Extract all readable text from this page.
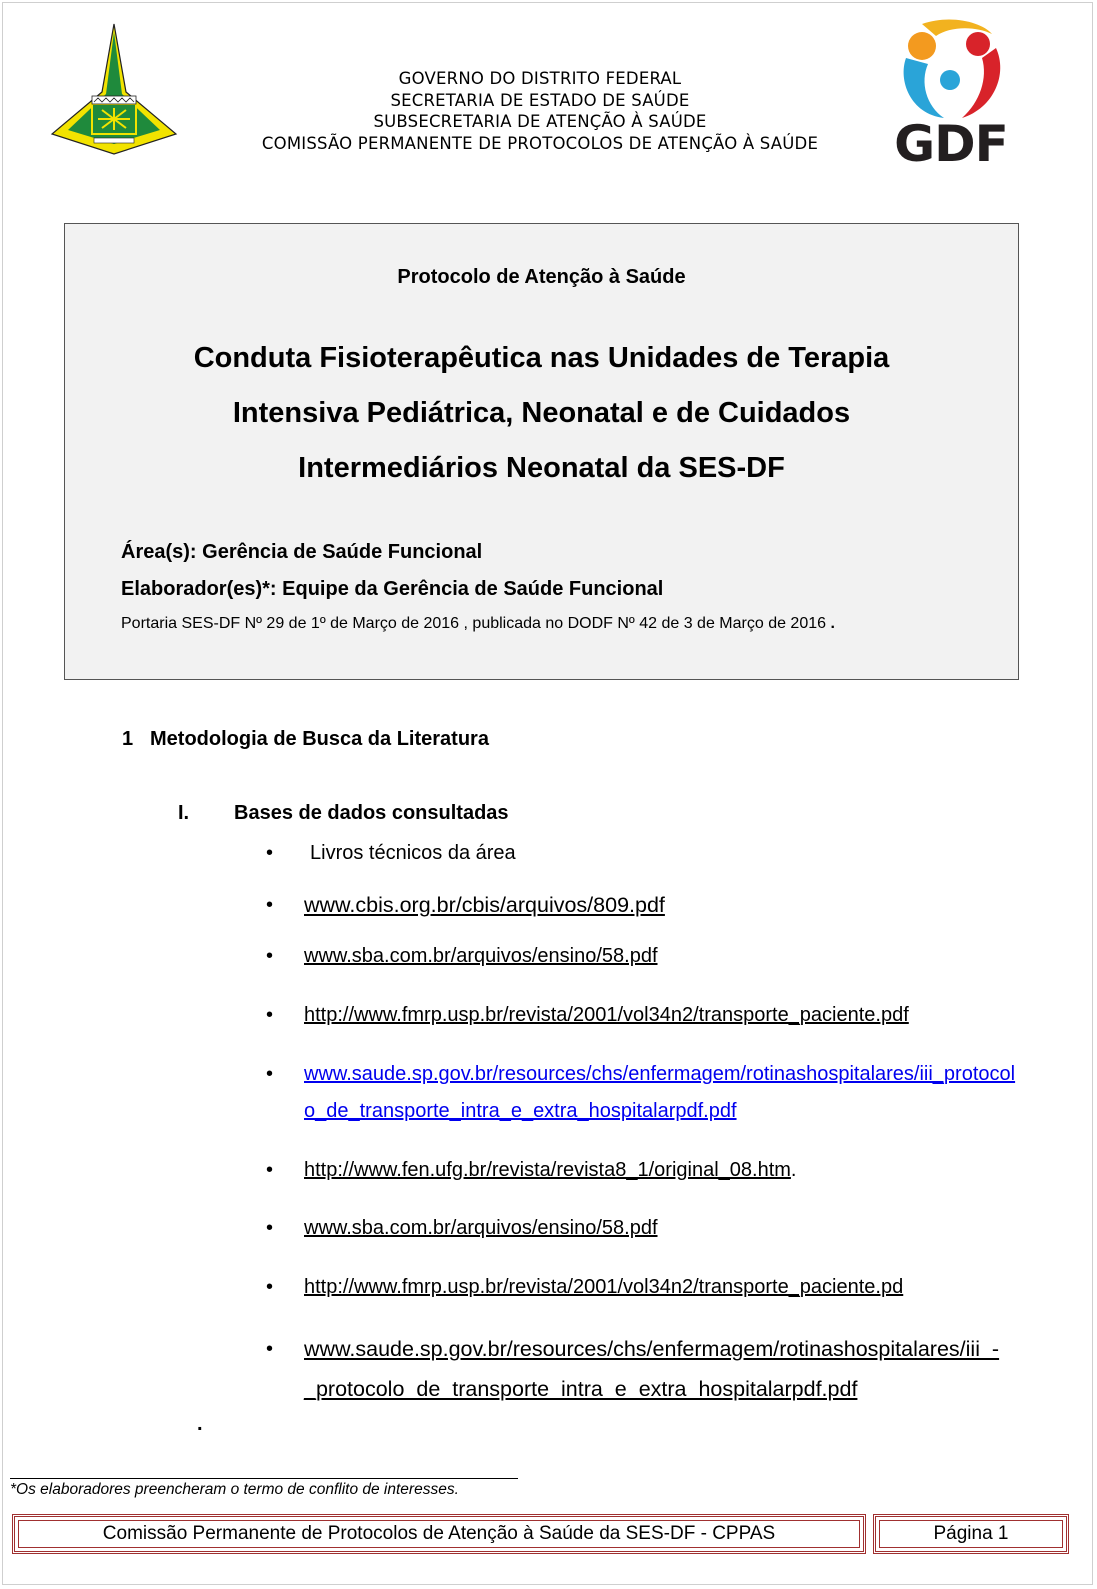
GOVERNO DO DISTRITO FEDERAL
SECRETARIA DE ESTADO DE SAÚDE
SUBSECRETARIA DE ATENÇÃO À SAÚDE
COMISSÃO PERMANENTE DE PROTOCOLOS DE ATENÇÃO À SAÚDE	GDF
Protocolo de Atenção à Saúde
Conduta Fisioterapêutica nas Unidades de Terapia
Intensiva Pediátrica, Neonatal e de Cuidados
Intermediários Neonatal da SES-DF
Área(s): Gerência de Saúde Funcional
Elaborador(es)*: Equipe da Gerência de Saúde Funcional
Portaria SES-DF Nº 29 de 1º de Março de 2016 , publicada no DODF Nº 42 de 3 de Março de 2016 .
1 Metodologia de Busca da Literatura
I. Bases de dados consultadas
•	Livros técnicos da área
•	www.cbis.org.br/cbis/arquivos/809.pdf
•	www.sba.com.br/arquivos/ensino/58.pdf
•	http://www.fmrp.usp.br/revista/2001/vol34n2/transporte_paciente.pdf
•	www.saude.sp.gov.br/resources/chs/enfermagem/rotinashospitalares/iii_protocolo_de_transporte_intra_e_extra_hospitalarpdf.pdf
•	http://www.fen.ufg.br/revista/revista8_1/original_08.htm.
•	www.sba.com.br/arquivos/ensino/58.pdf
•	http://www.fmrp.usp.br/revista/2001/vol34n2/transporte_paciente.pd
•	www.saude.sp.gov.br/resources/chs/enfermagem/rotinashospitalares/iii_-_protocolo_de_transporte_intra_e_extra_hospitalarpdf.pdf
.
*Os elaboradores preencheram o termo de conflito de interesses.
Comissão Permanente de Protocolos de Atenção à Saúde da SES-DF - CPPAS	Página 1
